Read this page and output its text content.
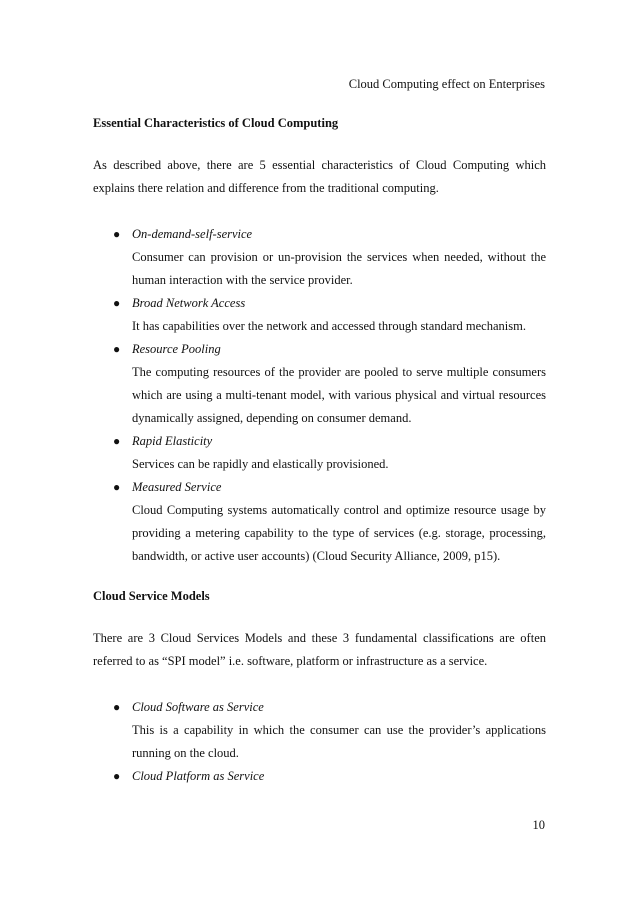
Cloud Computing effect on Enterprises
Essential Characteristics of Cloud Computing

As described above, there are 5 essential characteristics of Cloud Computing which explains there relation and difference from the traditional computing.

● On-demand-self-service
Consumer can provision or un-provision the services when needed, without the human interaction with the service provider.
● Broad Network Access
It has capabilities over the network and accessed through standard mechanism.
● Resource Pooling
The computing resources of the provider are pooled to serve multiple consumers which are using a multi-tenant model, with various physical and virtual resources dynamically assigned, depending on consumer demand.
● Rapid Elasticity
Services can be rapidly and elastically provisioned.
● Measured Service
Cloud Computing systems automatically control and optimize resource usage by providing a metering capability to the type of services (e.g. storage, processing, bandwidth, or active user accounts) (Cloud Security Alliance, 2009, p15).
Cloud Service Models

There are 3 Cloud Services Models and these 3 fundamental classifications are often referred to as “SPI model” i.e. software, platform or infrastructure as a service.

● Cloud Software as Service
This is a capability in which the consumer can use the provider’s applications running on the cloud.
● Cloud Platform as Service
10
